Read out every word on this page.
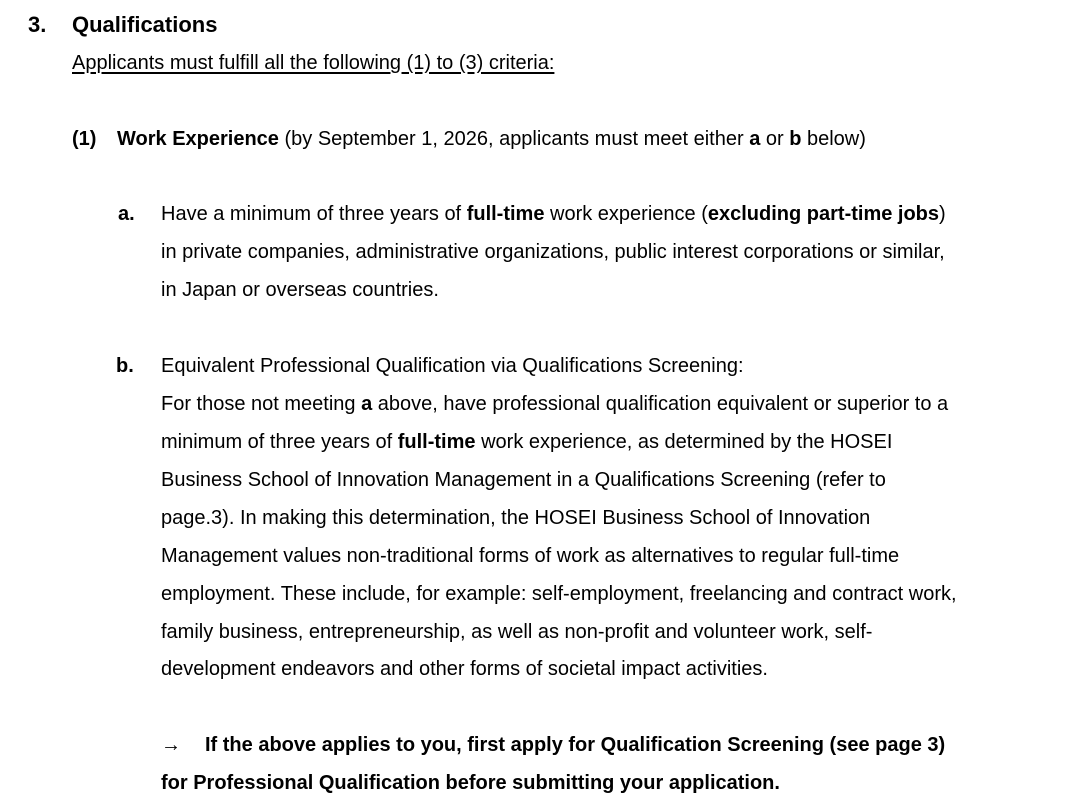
3. Qualifications
Applicants must fulfill all the following (1) to (3) criteria:
(1) Work Experience (by September 1, 2026, applicants must meet either a or b below)
a. Have a minimum of three years of full-time work experience (excluding part-time jobs)
in private companies, administrative organizations, public interest corporations or similar,
in Japan or overseas countries.
b. Equivalent Professional Qualification via Qualifications Screening:
For those not meeting a above, have professional qualification equivalent or superior to a
minimum of three years of full-time work experience, as determined by the HOSEI
Business School of Innovation Management in a Qualifications Screening (refer to
page.3). In making this determination, the HOSEI Business School of Innovation
Management values non-traditional forms of work as alternatives to regular full-time
employment. These include, for example: self-employment, freelancing and contract work,
family business, entrepreneurship, as well as non-profit and volunteer work, self-
development endeavors and other forms of societal impact activities.
→ If the above applies to you, first apply for Qualification Screening (see page 3)
for Professional Qualification before submitting your application.
